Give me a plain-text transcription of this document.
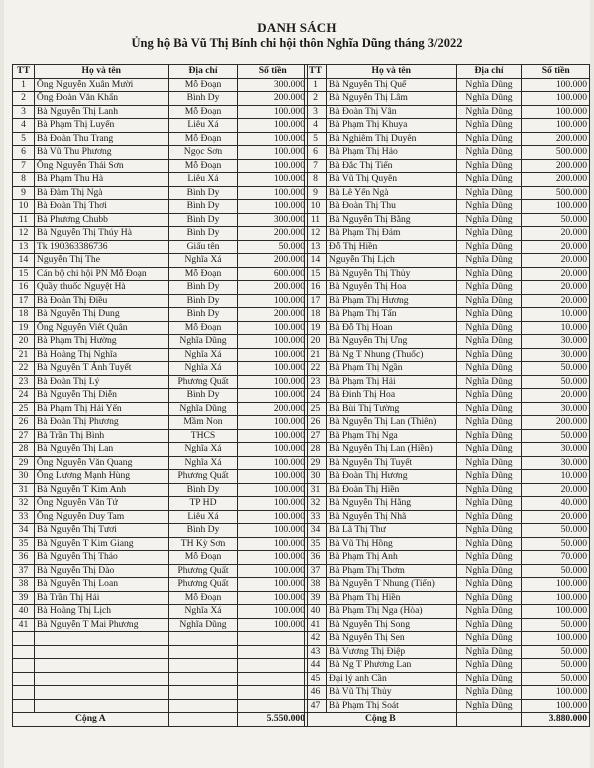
DANH SÁCH
Ủng hộ Bà Vũ Thị Bính chi hội thôn Nghĩa Dũng tháng 3/2022
TT	Họ và tên	Địa chỉ	Số tiền
1	Ông Nguyễn Xuân Mười	Mỗ Đoạn	300.000
2	Ông Đoàn Văn Khẩn	Bình Dy	200.000
3	Bà Nguyễn Thị Lanh	Mỗ Đoạn	100.000
4	Bà Phạm Thị Luyến	Liêu Xá	100.000
5	Bà Đoàn Thu Trang	Mỗ Đoạn	100.000
6	Bà Vũ Thu Phương	Ngọc Sơn	100.000
7	Ông Nguyễn Thái Sơn	Mỗ Đoạn	100.000
8	Bà Phạm Thu Hà	Liêu Xá	100.000
9	Bà Đàm Thị Ngà	Bình Dy	100.000
10	Bà Đoàn Thị Thơi	Bình Dy	100.000
11	Bà Phương Chubb	Bình Dy	300.000
12	Bà Nguyễn Thị Thúy Hà	Bình Dy	200.000
13	Tk 190363386736	Giấu tên	50.000
14	Nguyễn Thị The	Nghĩa Xá	200.000
15	Cán bộ chi hội PN Mỗ Đoạn	Mỗ Đoạn	600.000
16	Quầy thuốc Nguyệt Hà	Bình Dy	200.000
17	Bà Đoàn Thị Điều	Bình Dy	100.000
18	Bà Nguyễn Thị Dung	Bình Dy	200.000
19	Ông Nguyễn Viết Quân	Mỗ Đoạn	100.000
20	Bà Phạm Thị Hường	Nghĩa Dũng	100.000
21	Bà Hoàng Thị Nghĩa	Nghĩa Xá	100.000
22	Bà Nguyễn T Ánh Tuyết	Nghĩa Xá	100.000
23	Bà Đoàn Thị Lý	Phương Quất	100.000
24	Bà Nguyễn Thị Diễn	Bình Dy	100.000
25	Bà Phạm Thị Hải Yến	Nghĩa Dũng	200.000
26	Bà Đoàn Thị Phương	Mầm Non	100.000
27	Bà Trần Thị Bình	THCS	100.000
28	Bà Nguyễn Thị Lan	Nghĩa Xá	100.000
29	Ông Nguyễn Văn Quang	Nghĩa Xá	100.000
30	Ông Lương Mạnh Hùng	Phương Quất	100.000
31	Bà Nguyễn T Kim Anh	Bình Dy	100.000
32	Ông Nguyễn Văn Tứ	TP HD	100.000
33	Ông Nguyễn Duy Tam	Liêu Xá	100.000
34	Bà Nguyễn Thị Tươi	Bình Dy	100.000
35	Bà Nguyễn T Kim Giang	TH Kỳ Sơn	100.000
36	Bà Nguyễn Thị Thảo	Mỗ Đoạn	100.000
37	Bà Nguyễn Thị Dào	Phương Quất	100.000
38	Bà Nguyễn Thị Loan	Phương Quất	100.000
39	Bà Trần Thị Hải	Mỗ Đoạn	100.000
40	Bà Hoàng Thị Lịch	Nghĩa Xá	100.000
41	Bà Nguyễn T Mai Phương	Nghĩa Dũng	100.000

Cộng A			5.550.000
TT	Họ và tên	Địa chỉ	Số tiền
1	Bà Nguyễn Thị Quế	Nghĩa Dũng	100.000
2	Bà Nguyễn Thị Lâm	Nghĩa Dũng	100.000
3	Bà Đoàn Thị Vân	Nghĩa Dũng	100.000
4	Bà Phạm Thị Khuya	Nghĩa Dũng	100.000
5	Bà Nghiêm Thị Duyên	Nghĩa Dũng	200.000
6	Bà Phạm Thị Hảo	Nghĩa Dũng	500.000
7	Bà Đắc Thị Tiến	Nghĩa Dũng	200.000
8	Bà Vũ Thị Quyên	Nghĩa Dũng	200.000
9	Bà Lê Yến Ngà	Nghĩa Dũng	500.000
10	Bà Đoàn Thị Thu	Nghĩa Dũng	100.000
11	Bà Nguyễn Thị Bằng	Nghĩa Dũng	50.000
12	Bà Phạm Thị Đảm	Nghĩa Dũng	20.000
13	Đỗ Thị Hiền	Nghĩa Dũng	20.000
14	Nguyễn Thị Lịch	Nghĩa Dũng	20.000
15	Bà Nguyễn Thị Thủy	Nghĩa Dũng	20.000
16	Bà Nguyễn Thị Hoa	Nghĩa Dũng	20.000
17	Bà Phạm Thị Hương	Nghĩa Dũng	20.000
18	Bà Phạm Thị Tấn	Nghĩa Dũng	10.000
19	Bà Đỗ Thị Hoan	Nghĩa Dũng	10.000
20	Bà Nguyễn Thị Ưng	Nghĩa Dũng	30.000
21	Bà Ng T Nhung (Thuốc)	Nghĩa Dũng	30.000
22	Bà Phạm Thị Ngần	Nghĩa Dũng	50.000
23	Bà Phạm Thị Hải	Nghĩa Dũng	50.000
24	Bà Đinh Thị Hoa	Nghĩa Dũng	20.000
25	Bà Bùi Thị Tường	Nghĩa Dũng	30.000
26	Bà Nguyễn Thị Lan (Thiên)	Nghĩa Dũng	200.000
27	Bà Phạm Thị Nga	Nghĩa Dũng	50.000
28	Bà Nguyễn Thị Lan (Hiền)	Nghĩa Dũng	30.000
29	Bà Nguyễn Thị Tuyết	Nghĩa Dũng	30.000
30	Bà Đoàn Thị Hương	Nghĩa Dũng	10.000
31	Bà Đoàn Thị Hiền	Nghĩa Dũng	20.000
32	Bà Nguyễn Thị Hằng	Nghĩa Dũng	40.000
33	Bà Nguyễn Thị Nhã	Nghĩa Dũng	20.000
34	Bà Lã Thị Thư	Nghĩa Dũng	50.000
35	Bà Vũ Thị Hồng	Nghĩa Dũng	50.000
36	Bà Phạm Thị Anh	Nghĩa Dũng	70.000
37	Bà Phạm Thị Thơm	Nghĩa Dũng	50.000
38	Bà Nguyễn T Nhung (Tiến)	Nghĩa Dũng	100.000
39	Bà Phạm Thị Hiền	Nghĩa Dũng	100.000
40	Bà Phạm Thị Nga (Hòa)	Nghĩa Dũng	100.000
41	Bà Nguyễn Thị Song	Nghĩa Dũng	50.000
42	Bà Nguyễn Thị Sen	Nghĩa Dũng	100.000
43	Bà Vương Thị Điệp	Nghĩa Dũng	50.000
44	Bà Ng T Phương Lan	Nghĩa Dũng	50.000
45	Đại lý anh Cần	Nghĩa Dũng	50.000
46	Bà Vũ Thị Thủy	Nghĩa Dũng	100.000
47	Bà Phạm Thị Soát	Nghĩa Dũng	100.000
Cộng B			3.880.000
